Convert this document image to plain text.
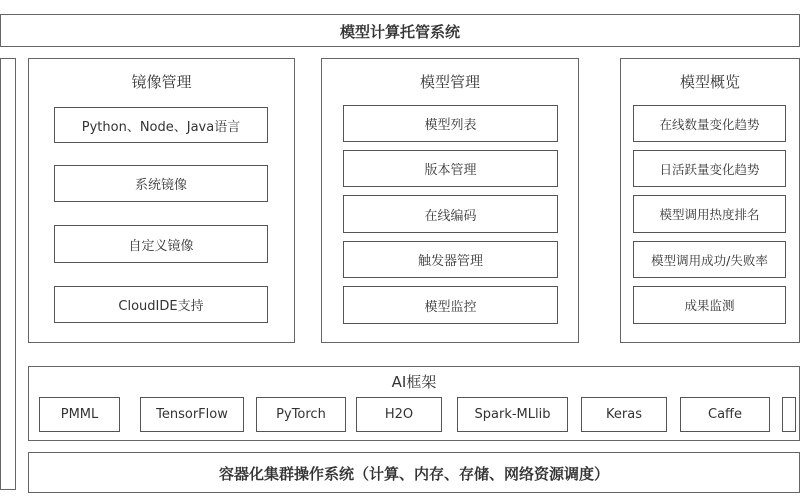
模型计算托管系统
镜像管理
Python、Node、Java语言
系统镜像
自定义镜像
CloudIDE支持
模型管理
模型列表
版本管理
在线编码
触发器管理
模型监控
模型概览
在线数量变化趋势
日活跃量变化趋势
模型调用热度排名
模型调用成功/失败率
成果监测
AI框架
PMML	TensorFlow	PyTorch	H2O	Spark-MLlib	Keras	Caffe
容器化集群操作系统（计算、内存、存储、网络资源调度）
